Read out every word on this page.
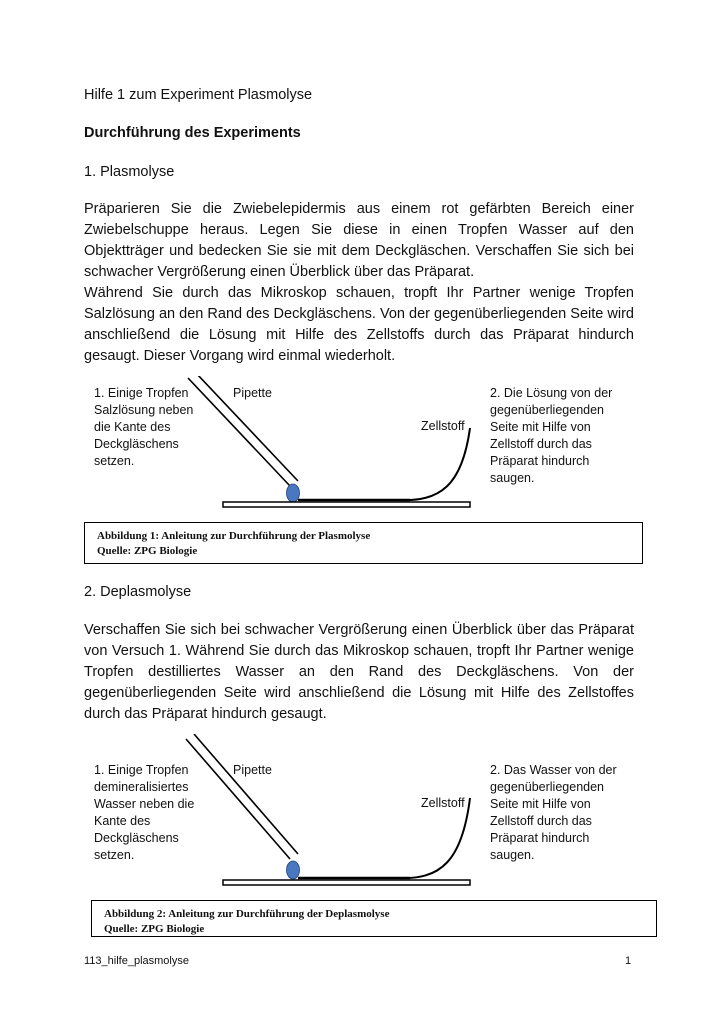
Hilfe 1 zum Experiment Plasmolyse
Durchführung des Experiments
1. Plasmolyse

Präparieren Sie die Zwiebelepidermis aus einem rot gefärbten Bereich einer Zwiebelschuppe heraus. Legen Sie diese in einen Tropfen Wasser auf den Objektträger und bedecken Sie sie mit dem Deckgläschen. Verschaffen Sie sich bei schwacher Vergrößerung einen Überblick über das Präparat.

Während Sie durch das Mikroskop schauen, tropft Ihr Partner wenige Tropfen Salzlösung an den Rand des Deckgläschens. Von der gegenüberliegenden Seite wird anschließend die Lösung mit Hilfe des Zellstoffs durch das Präparat hindurch gesaugt. Dieser Vorgang wird einmal wiederholt.

1. Einige Tropfen
Salzlösung neben
die Kante des
Deckgläschens
setzen.
Pipette
Zellstoff
2. Die Lösung von der
gegenüberliegenden
Seite mit Hilfe von
Zellstoff durch das
Präparat hindurch
saugen.
Abbildung 1: Anleitung zur Durchführung der Plasmolyse
Quelle: ZPG Biologie
2. Deplasmolyse

Verschaffen Sie sich bei schwacher Vergrößerung einen Überblick über das Präparat von Versuch 1. Während Sie durch das Mikroskop schauen, tropft Ihr Partner wenige Tropfen destilliertes Wasser an den Rand des Deckgläschens. Von der gegenüberliegenden Seite wird anschließend die Lösung mit Hilfe des Zellstoffes durch das Präparat hindurch gesaugt.

1. Einige Tropfen
demineralisiertes
Wasser neben die
Kante des
Deckgläschens
setzen.
Pipette
Zellstoff
2. Das Wasser von der
gegenüberliegenden
Seite mit Hilfe von
Zellstoff durch das
Präparat hindurch
saugen.
Abbildung 2: Anleitung zur Durchführung der Deplasmolyse
Quelle: ZPG Biologie
113_hilfe_plasmolyse	1
